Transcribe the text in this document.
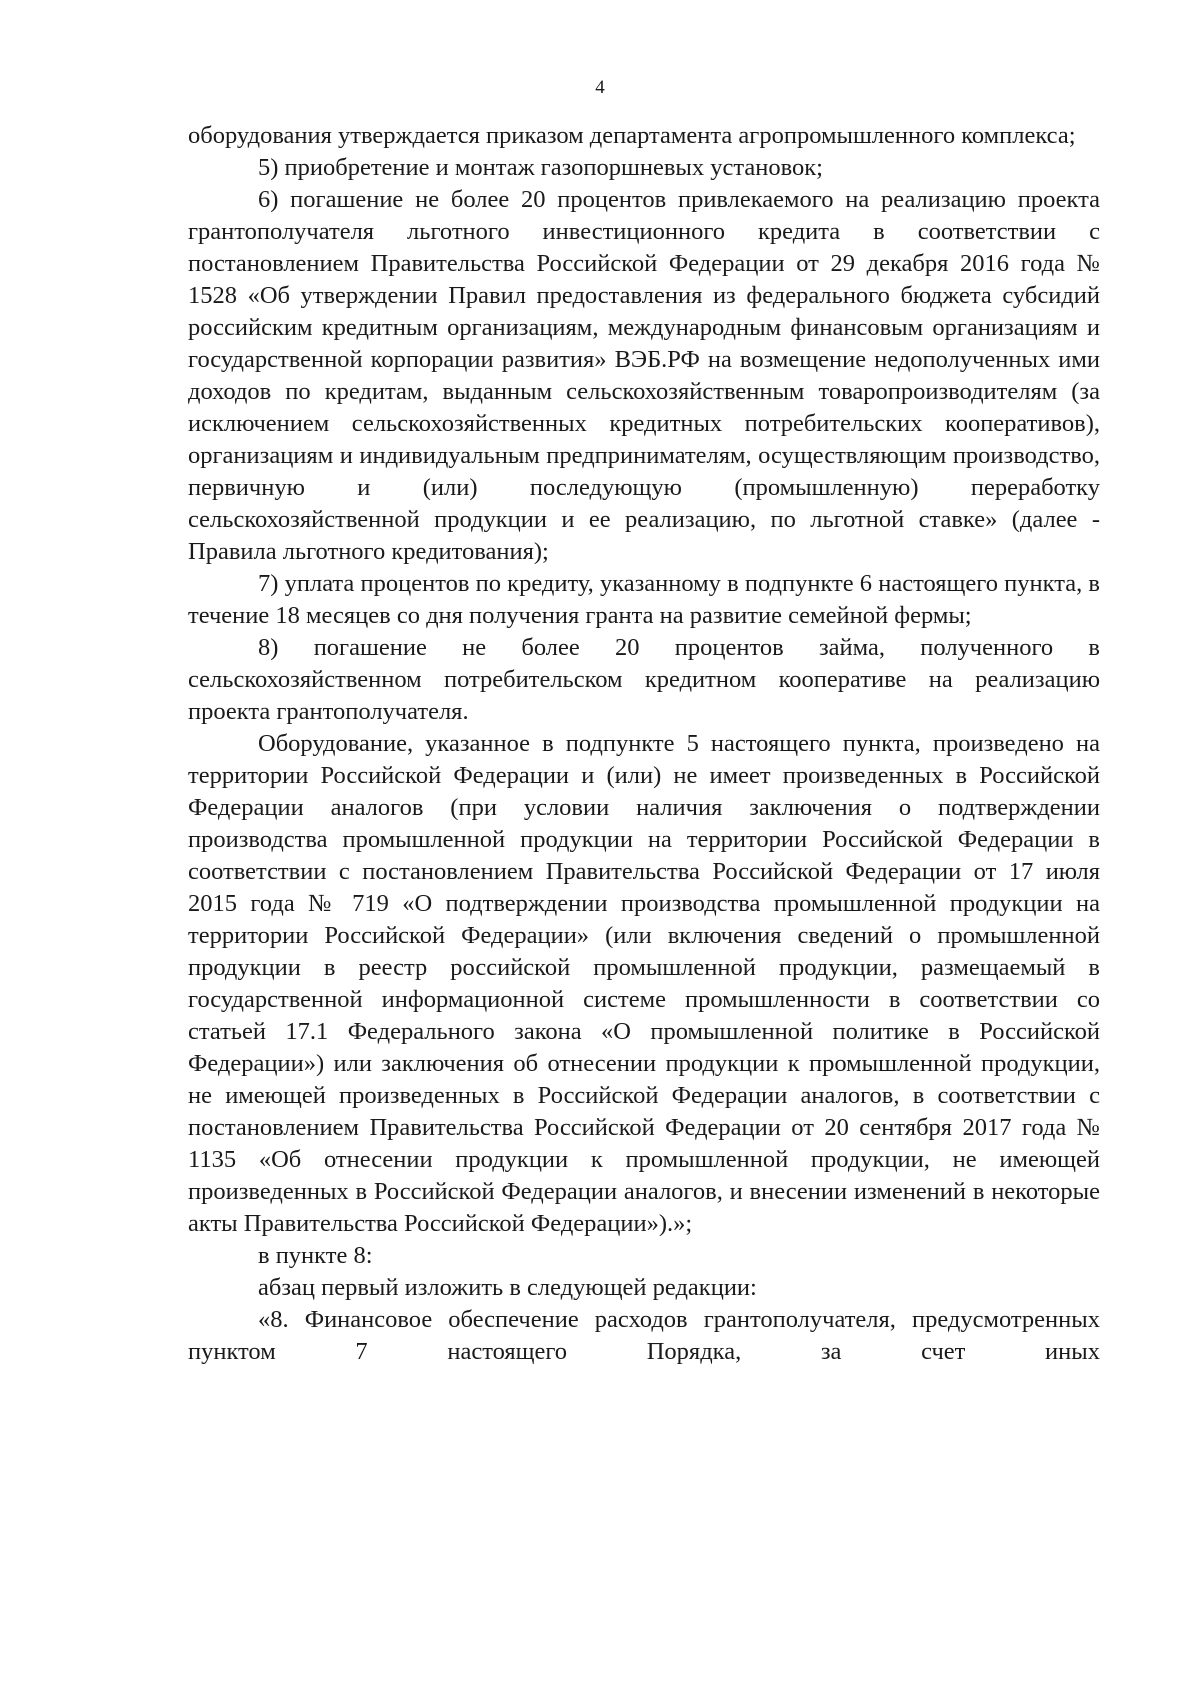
4

оборудования утверждается приказом департамента агропромышленного комплекса;

5) приобретение и монтаж газопоршневых установок;

6) погашение не более 20 процентов привлекаемого на реализацию проекта грантополучателя льготного инвестиционного кредита в соответствии с постановлением Правительства Российской Федерации от 29 декабря 2016 года № 1528 «Об утверждении Правил предоставления из федерального бюджета субсидий российским кредитным организациям, международным финансовым организациям и государственной корпорации развития» ВЭБ.РФ на возмещение недополученных ими доходов по кредитам, выданным сельскохозяйственным товаропроизводителям (за исключением сельскохозяйственных кредитных потребительских кооперативов), организациям и индивидуальным предпринимателям, осуществляющим производство, первичную и (или) последующую (промышленную) переработку сельскохозяйственной продукции и ее реализацию, по льготной ставке» (далее - Правила льготного кредитования);

7) уплата процентов по кредиту, указанному в подпункте 6 настоящего пункта, в течение 18 месяцев со дня получения гранта на развитие семейной фермы;

8) погашение не более 20 процентов займа, полученного в сельскохозяйственном потребительском кредитном кооперативе на реализацию проекта грантополучателя.

Оборудование, указанное в подпункте 5 настоящего пункта, произведено на территории Российской Федерации и (или) не имеет произведенных в Российской Федерации аналогов (при условии наличия заключения о подтверждении производства промышленной продукции на территории Российской Федерации в соответствии с постановлением Правительства Российской Федерации от 17 июля 2015 года № 719 «О подтверждении производства промышленной продукции на территории Российской Федерации» (или включения сведений о промышленной продукции в реестр российской промышленной продукции, размещаемый в государственной информационной системе промышленности в соответствии со статьей 17.1 Федерального закона «О промышленной политике в Российской Федерации») или заключения об отнесении продукции к промышленной продукции, не имеющей произведенных в Российской Федерации аналогов, в соответствии с постановлением Правительства Российской Федерации от 20 сентября 2017 года № 1135 «Об отнесении продукции к промышленной продукции, не имеющей произведенных в Российской Федерации аналогов, и внесении изменений в некоторые акты Правительства Российской Федерации»).»;

в пункте 8:

абзац первый изложить в следующей редакции:

«8. Финансовое обеспечение расходов грантополучателя, предусмотренных пунктом 7 настоящего Порядка, за счет иных
